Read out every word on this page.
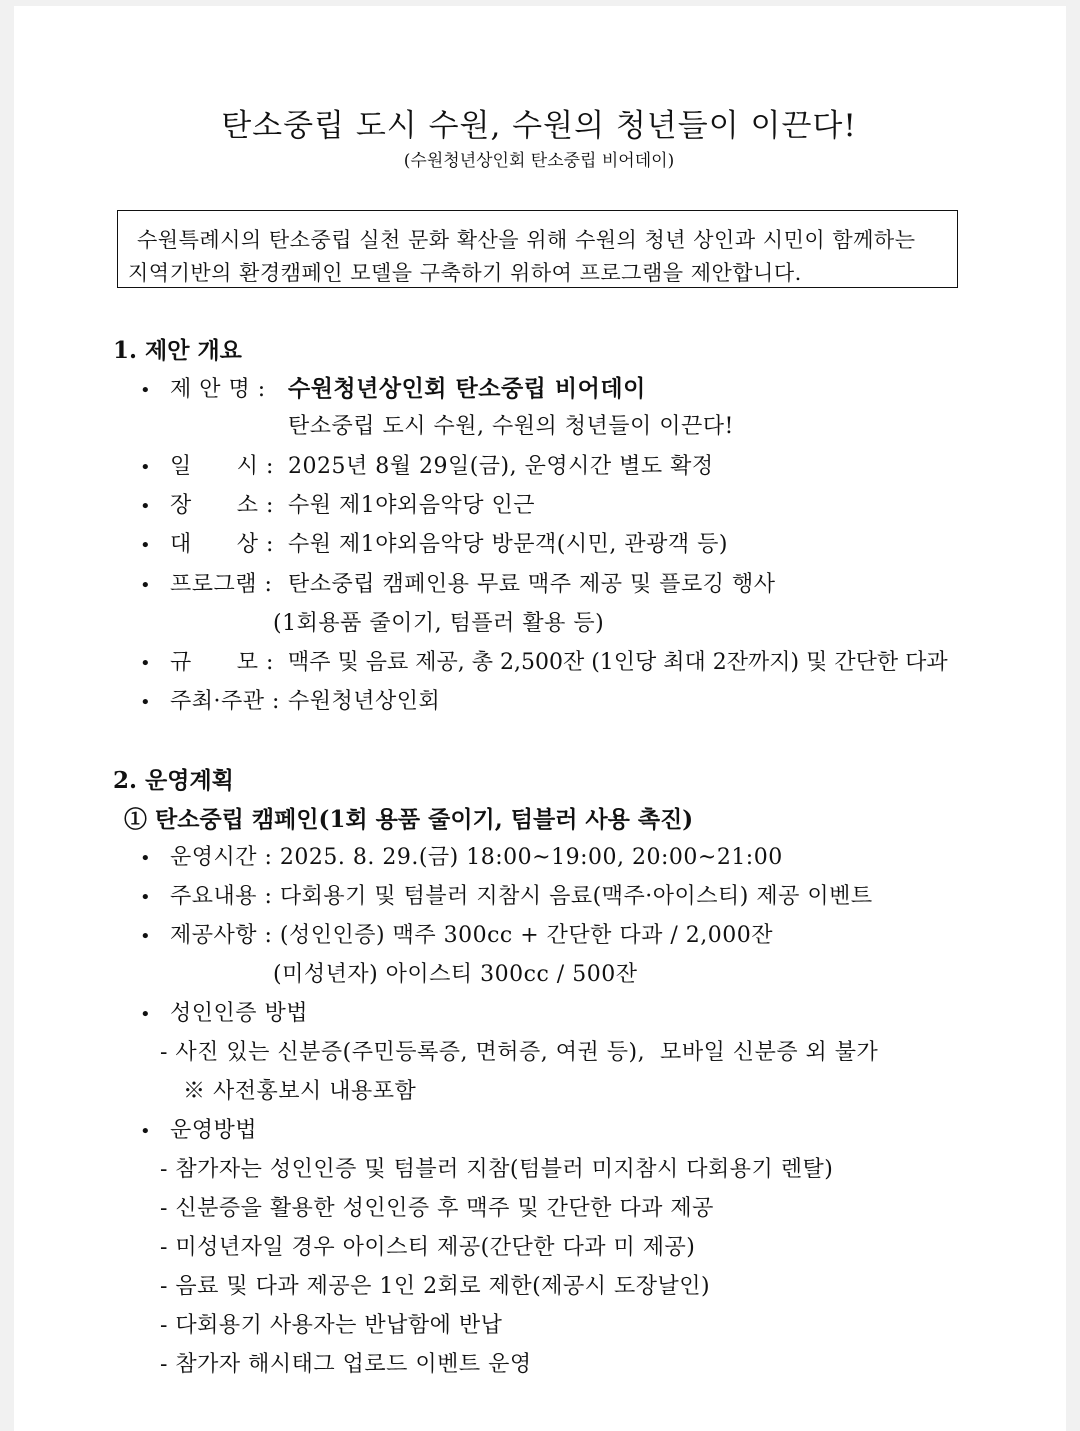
탄소중립 도시 수원, 수원의 청년들이 이끈다!
(수원청년상인회 탄소중립 비어데이)
수원특례시의 탄소중립 실천 문화 확산을 위해 수원의 청년 상인과 시민이 함께하는
지역기반의 환경캠페인 모델을 구축하기 위하여 프로그램을 제안합니다.
1. 제안 개요
• 제 안 명 : 수원청년상인회 탄소중립 비어데이
탄소중립 도시 수원, 수원의 청년들이 이끈다!
• 일      시 : 2025년 8월 29일(금), 운영시간 별도 확정
• 장      소 : 수원 제1야외음악당 인근
• 대      상 : 수원 제1야외음악당 방문객(시민, 관광객 등)
• 프로그램 : 탄소중립 캠페인용 무료 맥주 제공 및 플로깅 행사
(1회용품 줄이기, 텀플러 활용 등)
• 규      모 : 맥주 및 음료 제공, 총 2,500잔 (1인당 최대 2잔까지) 및 간단한 다과
• 주최·주관 : 수원청년상인회
2. 운영계획
① 탄소중립 캠페인(1회 용품 줄이기, 텀블러 사용 촉진)
• 운영시간 : 2025. 8. 29.(금) 18:00~19:00, 20:00~21:00
• 주요내용 : 다회용기 및 텀블러 지참시 음료(맥주·아이스티) 제공 이벤트
• 제공사항 : (성인인증) 맥주 300cc + 간단한 다과 / 2,000잔
(미성년자) 아이스티 300cc / 500잔
• 성인인증 방법
- 사진 있는 신분증(주민등록증, 면허증, 여권 등),  모바일 신분증 외 불가
※ 사전홍보시 내용포함
• 운영방법
- 참가자는 성인인증 및 텀블러 지참(텀블러 미지참시 다회용기 렌탈)
- 신분증을 활용한 성인인증 후 맥주 및 간단한 다과 제공
- 미성년자일 경우 아이스티 제공(간단한 다과 미 제공)
- 음료 및 다과 제공은 1인 2회로 제한(제공시 도장날인)
- 다회용기 사용자는 반납함에 반납
- 참가자 해시태그 업로드 이벤트 운영
